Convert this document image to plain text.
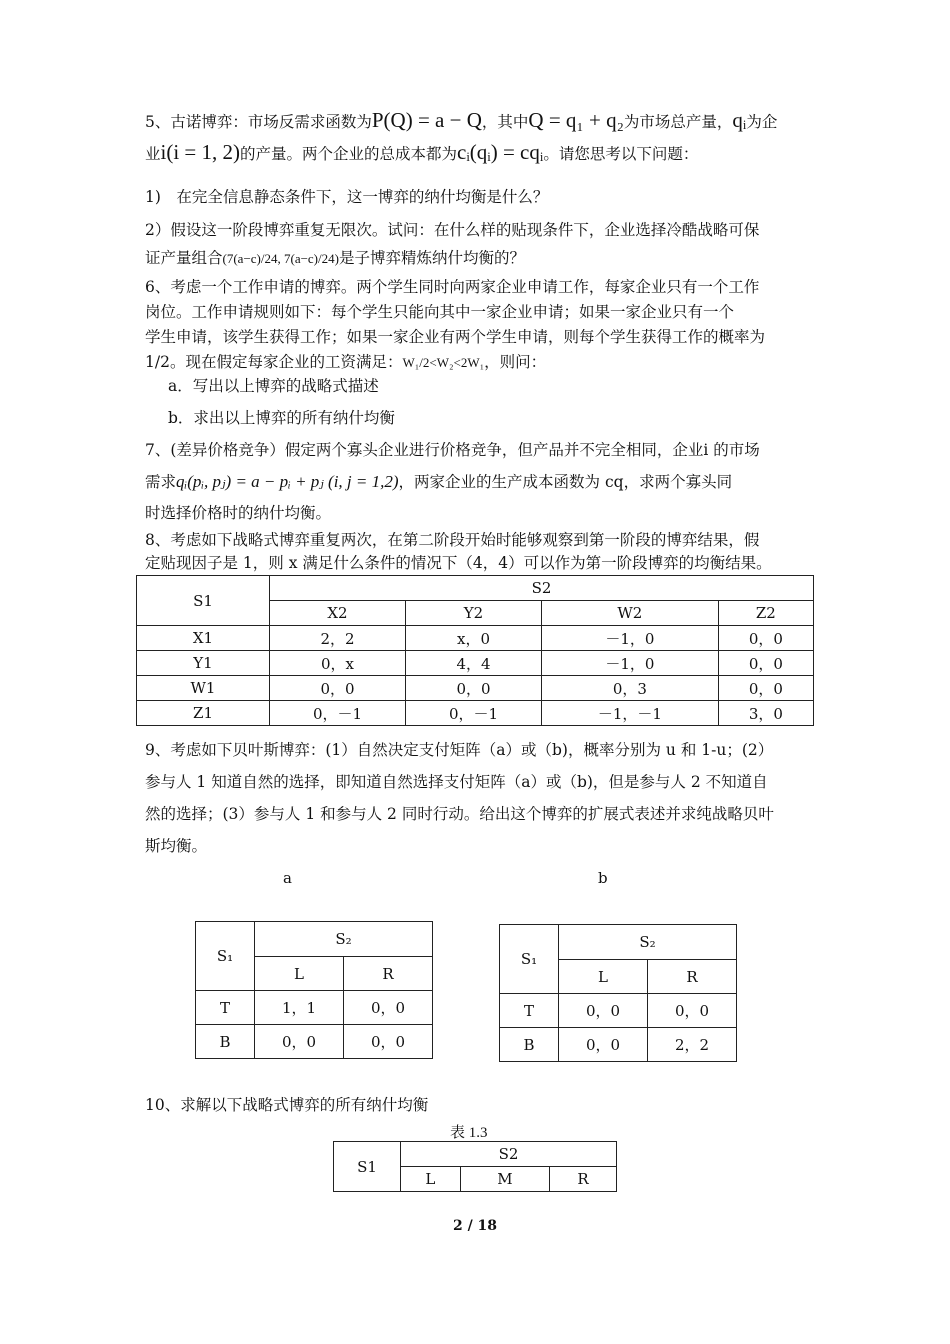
5、古诺博弈：市场反需求函数为P(Q) = a − Q，其中Q = q₁ + q₂为市场总产量，qᵢ为企
业i(i = 1, 2)的产量。两个企业的总成本都为cᵢ(qᵢ) = cqᵢ。请您思考以下问题：
1)　在完全信息静态条件下，这一博弈的纳什均衡是什么？
2）假设这一阶段博弈重复无限次。试问：在什么样的贴现条件下，企业选择冷酷战略可保
证产量组合(7(a−c)/24, 7(a−c)/24)是子博弈精炼纳什均衡的？
6、考虑一个工作申请的博弈。两个学生同时向两家企业申请工作，每家企业只有一个工作
岗位。工作申请规则如下：每个学生只能向其中一家企业申请；如果一家企业只有一个
学生申请，该学生获得工作；如果一家企业有两个学生申请，则每个学生获得工作的概率为
1/2。现在假定每家企业的工资满足：W₁/2<W₂<2W₁，则问：
a．写出以上博弈的战略式描述
b．求出以上博弈的所有纳什均衡
7、(差异价格竞争）假定两个寡头企业进行价格竞争，但产品并不完全相同，企业i 的市场
需求qᵢ(pᵢ, pⱼ) = a − pᵢ + pⱼ (i, j = 1,2)，两家企业的生产成本函数为 cq，求两个寡头同
时选择价格时的纳什均衡。
8、考虑如下战略式博弈重复两次，在第二阶段开始时能够观察到第一阶段的博弈结果，假
定贴现因子是 1，则 x 满足什么条件的情况下（4，4）可以作为第一阶段博弈的均衡结果。
S1	S2			
	X2	Y2	W2	Z2
X1	2，2	x，0	－1，0	0，0
Y1	0，x	4，4	－1，0	0，0
W1	0，0	0，0	0，3	0，0
Z1	0，－1	0，－1	－1，－1	3，0
9、考虑如下贝叶斯博弈：(1）自然决定支付矩阵（a）或（b)，概率分别为 u 和 1-u；(2）
参与人 1 知道自然的选择，即知道自然选择支付矩阵（a）或（b)，但是参与人 2 不知道自
然的选择；(3）参与人 1 和参与人 2 同时行动。给出这个博弈的扩展式表述并求纯战略贝叶
斯均衡。
a	b
S₁	S₂	
	L	R
T	1，1	0，0
B	0，0	0，0
S₁	S₂	
	L	R
T	0，0	0，0
B	0，0	2，2
10、求解以下战略式博弈的所有纳什均衡
表 1.3
S1	S2		
	L	M	R
2 / 18
